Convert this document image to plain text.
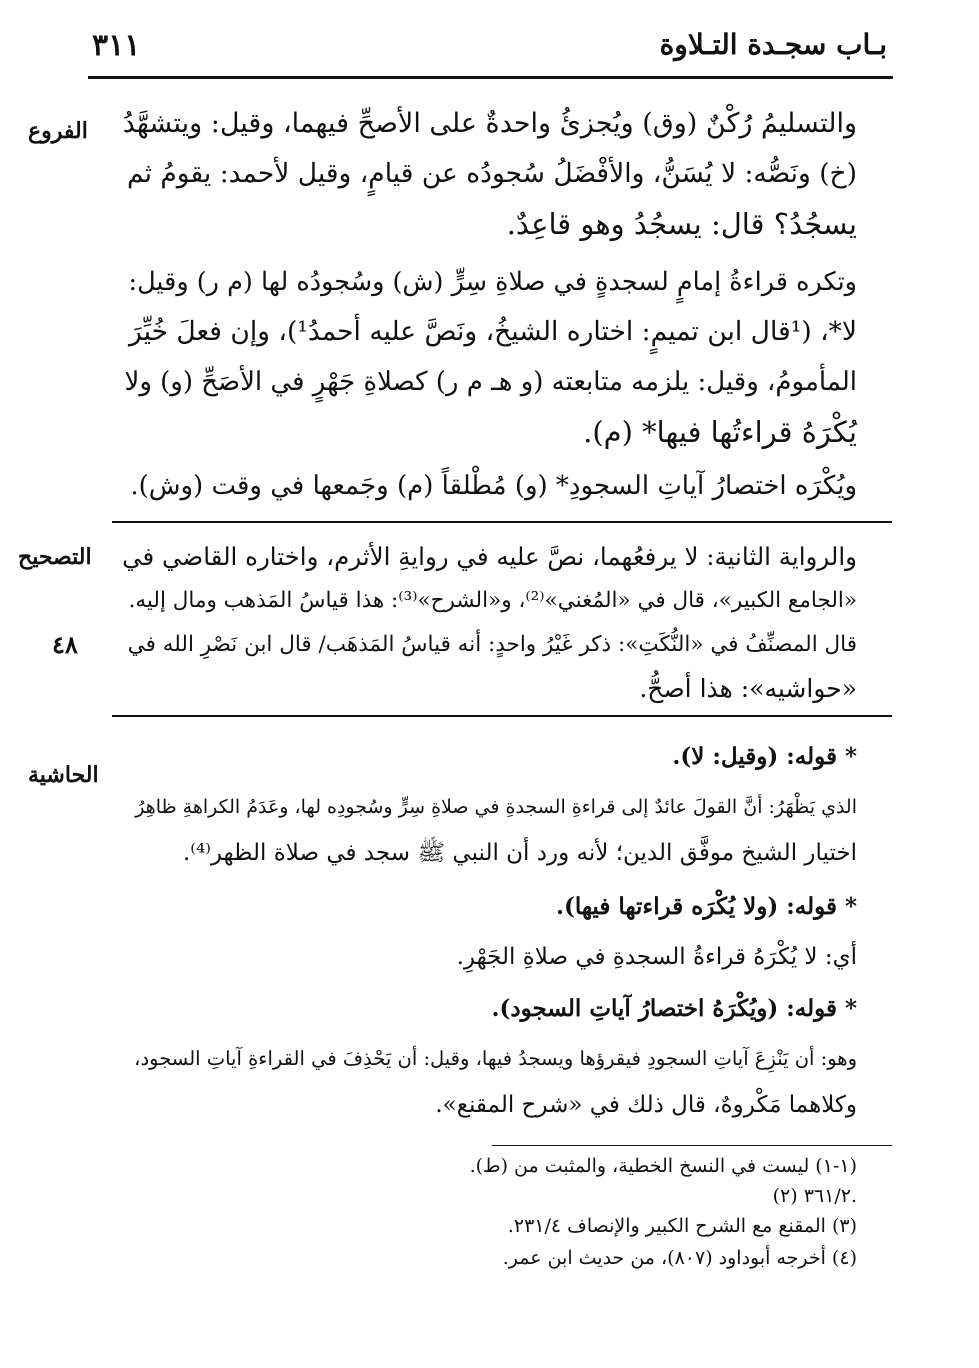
٣١١	بـاب سجـدة التـلاوة
الفروع
التصحيح
٤٨
الحاشية
والتسليمُ رُكْنٌ (وق) ويُجزئُ واحدةٌ على الأصحِّ فيهما، وقيل: ويتشهَّدُ
(خ) ونَصُّه: لا يُسَنُّ، والأفْضَلُ سُجودُه عن قيامٍ، وقيل لأحمد: يقومُ ثم
يسجُدُ؟ قال: يسجُدُ وهو قاعِدٌ.
وتكره قراءةُ إمامٍ لسجدةٍ في صلاةِ سِرٍّ (ش) وسُجودُه لها (م ر) وقيل:
لا*، (¹قال ابن تميمٍ: اختاره الشيخُ، ونَصَّ عليه أحمدُ¹)، وإن فعلَ خُيِّرَ
المأمومُ، وقيل: يلزمه متابعته (و هـ م ر) كصلاةِ جَهْرٍ في الأصَحِّ (و) ولا
يُكْرَهُ قراءتُها فيها* (م).
ويُكْرَه اختصارُ آياتِ السجودِ* (و) مُطْلقاً (م) وجَمعها في وقت (وش).
والرواية الثانية: لا يرفعُهما، نصَّ عليه في روايةِ الأثرم، واختاره القاضي في
«الجامع الكبير»، قال في «المُغني»⁽²⁾، و«الشرح»⁽³⁾: هذا قياسُ المَذهب ومال إليه.
قال المصنِّفُ في «النُّكَتِ»: ذكر غَيْرُ واحدٍ: أنه قياسُ المَذهَب/ قال ابن نَصْرِ الله في
«حواشيه»: هذا أصحُّ.
* قوله: (وقيل: لا).
الذي يَظْهَرُ: أنَّ القولَ عائدٌ إلى قراءةِ السجدةِ في صلاةِ سِرٍّ وسُجودِه لها، وعَدَمُ الكراهةِ ظاهِرُ
اختيار الشيخ موفَّق الدين؛ لأنه ورد أن النبي ﷺ سجد في صلاة الظهر⁽⁴⁾.
* قوله: (ولا يُكْرَه قراءتها فيها).
أي: لا يُكْرَهُ قراءةُ السجدةِ في صلاةِ الجَهْرِ.
* قوله: (ويُكْرَهُ اختصارُ آياتِ السجود).
وهو: أن يَنْزِعَ آياتِ السجودِ فيقرؤها ويسجدُ فيها، وقيل: أن يَحْذِفَ في القراءةِ آياتِ السجود،
وكلاهما مَكْروهٌ، قال ذلك في «شرح المقنع».
(١-١) ليست في النسخ الخطية، والمثبت من (ط).
(٢) ٣٦١/٢.
(٣) المقنع مع الشرح الكبير والإنصاف ٢٣١/٤.
(٤) أخرجه أبوداود (٨٠٧)، من حديث ابن عمر.
